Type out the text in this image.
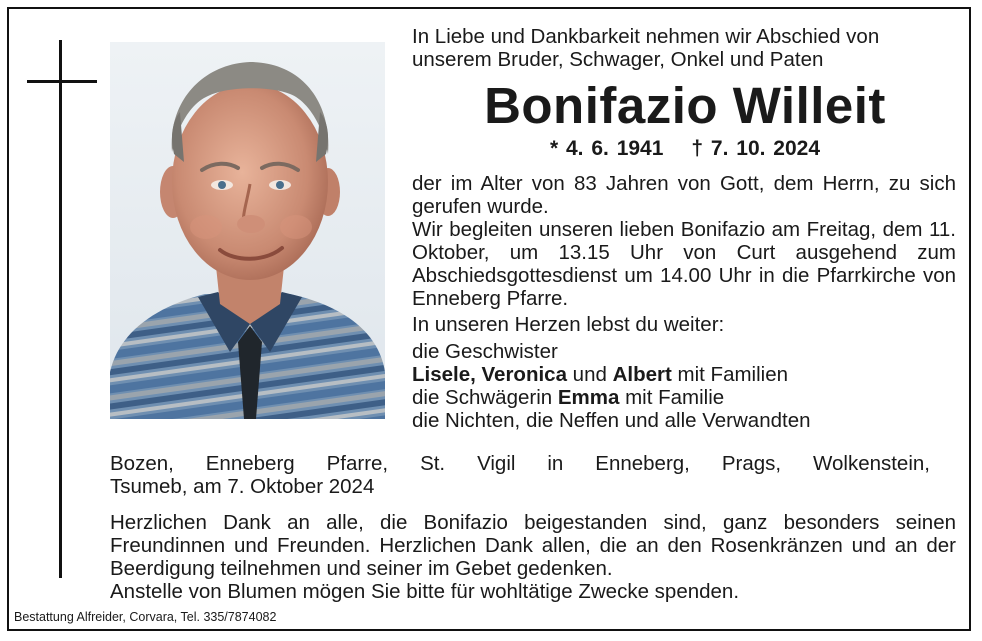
In Liebe und Dankbarkeit nehmen wir Abschied von
unserem Bruder, Schwager, Onkel und Paten

Bonifazio Willeit
* 4. 6. 1941 † 7. 10. 2024
der im Alter von 83 Jahren von Gott, dem Herrn, zu sich gerufen wurde.
Wir begleiten unseren lieben Bonifazio am Freitag, dem 11. Oktober, um 13.15 Uhr von Curt ausgehend zum Abschiedsgottesdienst um 14.00 Uhr in die Pfarrkirche von Enneberg Pfarre.
In unseren Herzen lebst du weiter:
die Geschwister
Lisele, Veronica und Albert mit Familien
die Schwägerin Emma mit Familie
die Nichten, die Neffen und alle Verwandten
Bozen, Enneberg Pfarre, St. Vigil in Enneberg, Prags, Wolkenstein,
Tsumeb, am 7. Oktober 2024
Herzlichen Dank an alle, die Bonifazio beigestanden sind, ganz besonders seinen Freundinnen und Freunden. Herzlichen Dank allen, die an den Rosenkränzen und an der Beerdigung teilnehmen und seiner im Gebet gedenken.
Anstelle von Blumen mögen Sie bitte für wohltätige Zwecke spenden.
Bestattung Alfreider, Corvara, Tel. 335/7874082
